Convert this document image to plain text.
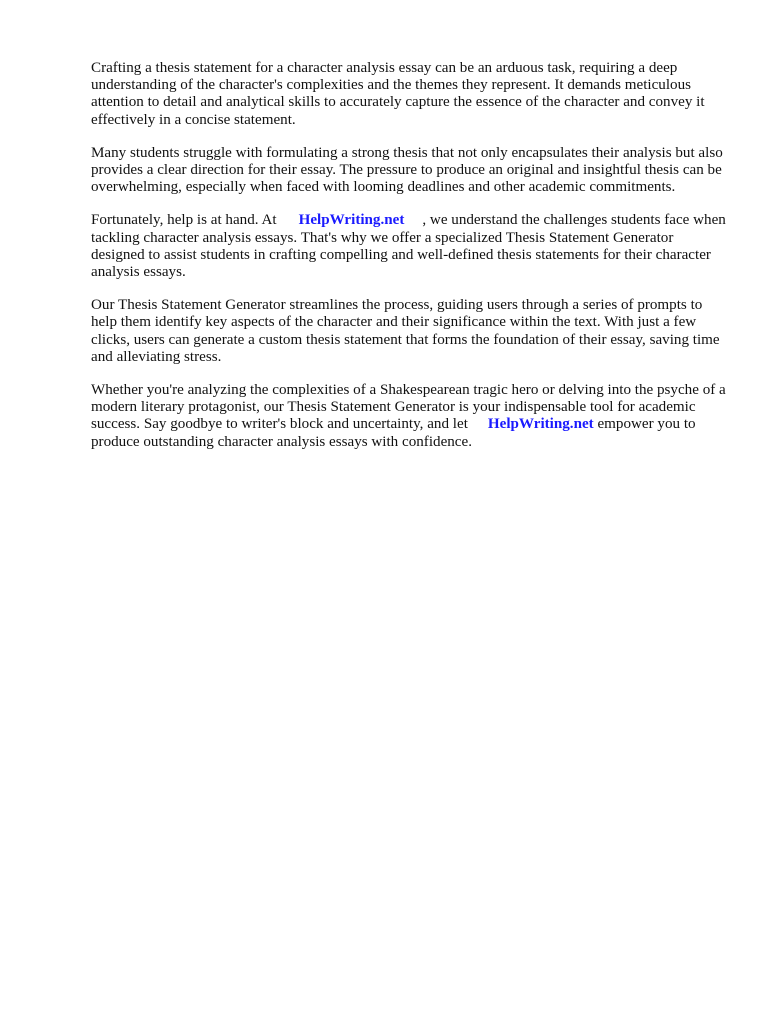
Crafting a thesis statement for a character analysis essay can be an arduous task, requiring a deep understanding of the character's complexities and the themes they represent. It demands meticulous attention to detail and analytical skills to accurately capture the essence of the character and convey it effectively in a concise statement.

Many students struggle with formulating a strong thesis that not only encapsulates their analysis but also provides a clear direction for their essay. The pressure to produce an original and insightful thesis can be overwhelming, especially when faced with looming deadlines and other academic commitments.

Fortunately, help is at hand. At HelpWriting.net , we understand the challenges students face when tackling character analysis essays. That's why we offer a specialized Thesis Statement Generator designed to assist students in crafting compelling and well-defined thesis statements for their character analysis essays.

Our Thesis Statement Generator streamlines the process, guiding users through a series of prompts to help them identify key aspects of the character and their significance within the text. With just a few clicks, users can generate a custom thesis statement that forms the foundation of their essay, saving time and alleviating stress.

Whether you're analyzing the complexities of a Shakespearean tragic hero or delving into the psyche of a modern literary protagonist, our Thesis Statement Generator is your indispensable tool for academic success. Say goodbye to writer's block and uncertainty, and let HelpWriting.net empower you to produce outstanding character analysis essays with confidence.
